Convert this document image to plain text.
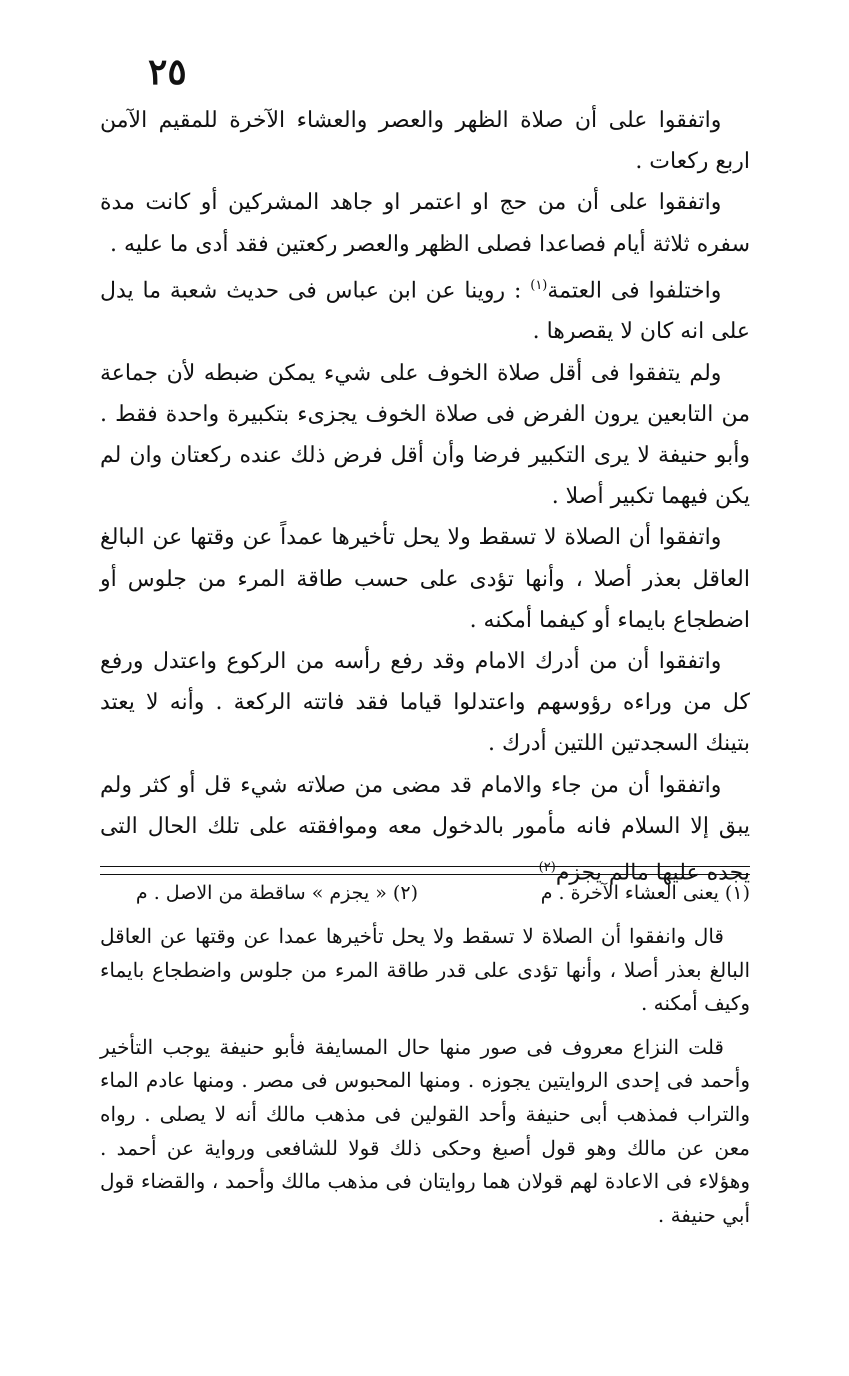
٢٥

واتفقوا على أن صلاة الظهر والعصر والعشاء الآخرة للمقيم الآمن اربع ركعات .

واتفقوا على أن من حج او اعتمر او جاهد المشركين أو كانت مدة سفره ثلاثة أيام فصاعدا فصلى الظهر والعصر ركعتين فقد أدى ما عليه .

واختلفوا فى العتمة$^{(١)}$ : روينا عن ابن عباس فى حديث شعبة ما يدل على انه كان لا يقصرها .

ولم يتفقوا فى أقل صلاة الخوف على شيء يمكن ضبطه لأن جماعة من التابعين يرون الفرض فى صلاة الخوف يجزىء بتكبيرة واحدة فقط . وأبو حنيفة لا يرى التكبير فرضا وأن أقل فرض ذلك عنده ركعتان وان لم يكن فيهما تكبير أصلا .

واتفقوا أن الصلاة لا تسقط ولا يحل تأخيرها عمداً عن وقتها عن البالغ العاقل بعذر أصلا ، وأنها تؤدى على حسب طاقة المرء من جلوس أو اضطجاع بايماء أو كيفما أمكنه .

واتفقوا أن من أدرك الامام وقد رفع رأسه من الركوع واعتدل ورفع كل من وراءه رؤوسهم واعتدلوا قياما فقد فاتته الركعة . وأنه لا يعتد بتينك السجدتين اللتين أدرك .

واتفقوا أن من جاء والامام قد مضى من صلاته شيء قل أو كثر ولم يبق إلا السلام فانه مأمور بالدخول معه وموافقته على تلك الحال التى يجده عليها مالم يجزم$^{(٢)}$

(١) يعنى العشاء الآخرة . م
(٢) « يجزم » ساقطة من الاصل . م

قال وانفقوا أن الصلاة لا تسقط ولا يحل تأخيرها عمدا عن وقتها عن العاقل البالغ بعذر أصلا ، وأنها تؤدى على قدر طاقة المرء من جلوس واضطجاع بايماء وكيف أمكنه .

قلت النزاع معروف فى صور منها حال المسايفة فأبو حنيفة يوجب التأخير وأحمد فى إحدى الروايتين يجوزه . ومنها المحبوس فى مصر . ومنها عادم الماء والتراب فمذهب أبى حنيفة وأحد القولين فى مذهب مالك أنه لا يصلى . رواه معن عن مالك وهو قول أصبغ وحكى ذلك قولا للشافعى ورواية عن أحمد . وهؤلاء فى الاعادة لهم قولان هما روايتان فى مذهب مالك وأحمد ، والقضاء قول أبي حنيفة .
